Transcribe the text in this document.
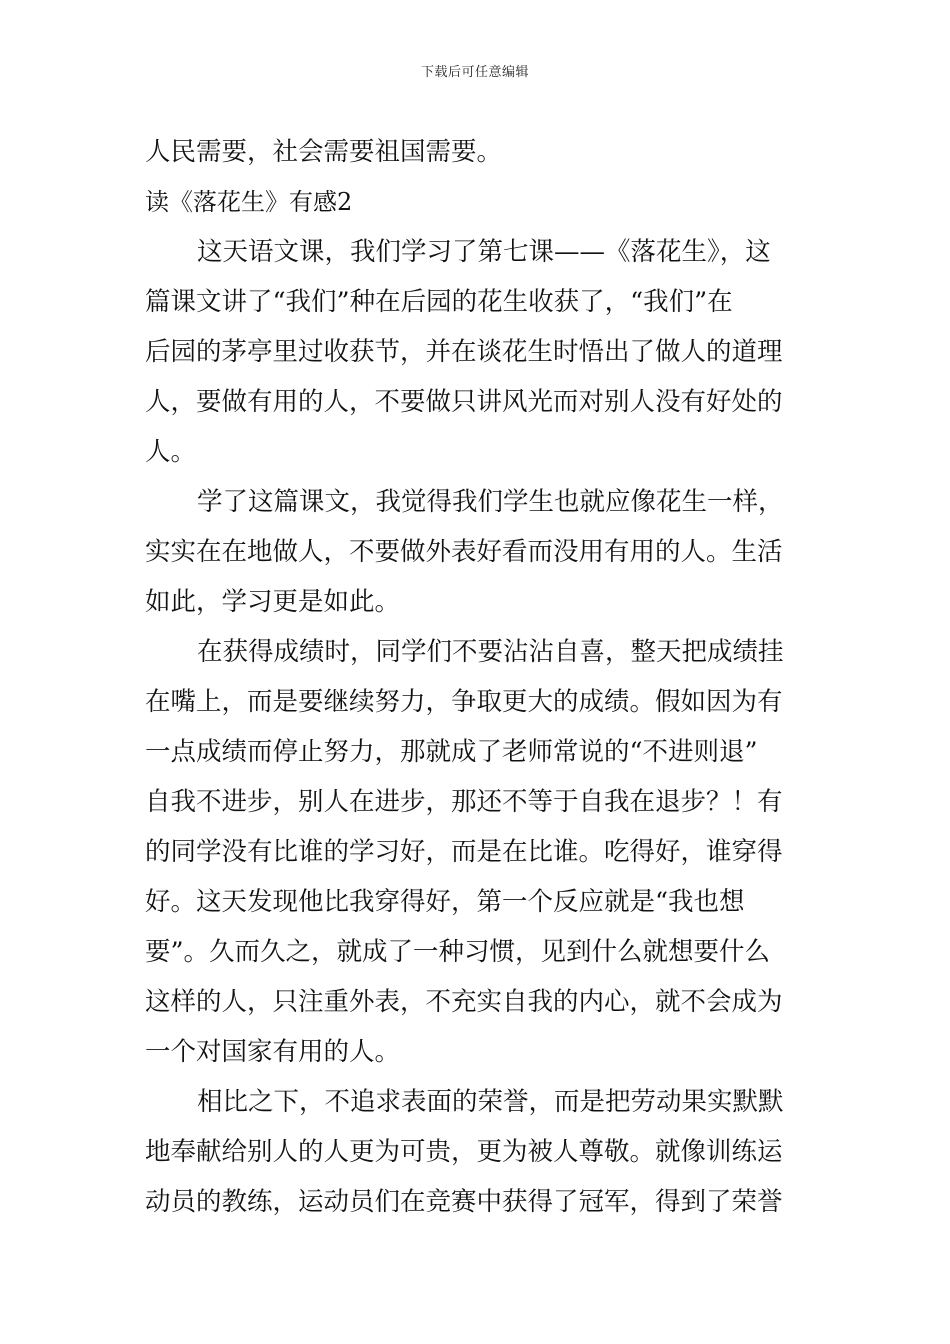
下载后可任意编辑
人民需要，社会需要祖国需要。
读《落花生》有感2
这天语文课，我们学习了第七课——《落花生》，这
篇课文讲了“我们”种在后园的花生收获了，“我们”在
后园的茅亭里过收获节，并在谈花生时悟出了做人的道理
人，要做有用的人，不要做只讲风光而对别人没有好处的
人。
学了这篇课文，我觉得我们学生也就应像花生一样，
实实在在地做人，不要做外表好看而没用有用的人。生活
如此，学习更是如此。
在获得成绩时，同学们不要沾沾自喜，整天把成绩挂
在嘴上，而是要继续努力，争取更大的成绩。假如因为有
一点成绩而停止努力，那就成了老师常说的“不进则退”
自我不进步，别人在进步，那还不等于自我在退步？！有
的同学没有比谁的学习好，而是在比谁。吃得好，谁穿得
好。这天发现他比我穿得好，第一个反应就是“我也想
要”。久而久之，就成了一种习惯，见到什么就想要什么
这样的人，只注重外表，不充实自我的内心，就不会成为
一个对国家有用的人。
相比之下，不追求表面的荣誉，而是把劳动果实默默
地奉献给别人的人更为可贵，更为被人尊敬。就像训练运
动员的教练，运动员们在竞赛中获得了冠军，得到了荣誉
